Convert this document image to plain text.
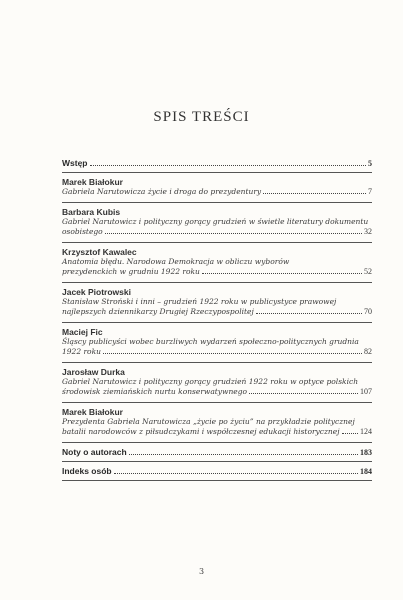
SPIS TREŚCI
Wstęp	5
Marek Białokur
Gabriela Narutowicza życie i droga do prezydentury	7
Barbara Kubis
Gabriel Narutowicz i polityczny gorący grudzień w świetle literatury dokumentu
osobistego	32
Krzysztof Kawalec
Anatomia błędu. Narodowa Demokracja w obliczu wyborów
prezydenckich w grudniu 1922 roku	52
Jacek Piotrowski
Stanisław Stroński i inni – grudzień 1922 roku w publicystyce prawowej
najlepszych dziennikarzy Drugiej Rzeczypospolitej	70
Maciej Fic
Śląscy publicyści wobec burzliwych wydarzeń społeczno-politycznych grudnia
1922 roku	82
Jarosław Durka
Gabriel Narutowicz i polityczny gorący grudzień 1922 roku w optyce polskich
środowisk ziemiańskich nurtu konserwatywnego	107
Marek Białokur
Prezydenta Gabriela Narutowicza „życie po życiu” na przykładzie politycznej
batalii narodowców z piłsudczykami i współczesnej edukacji historycznej	124
Noty o autorach	183
Indeks osób	184
3
